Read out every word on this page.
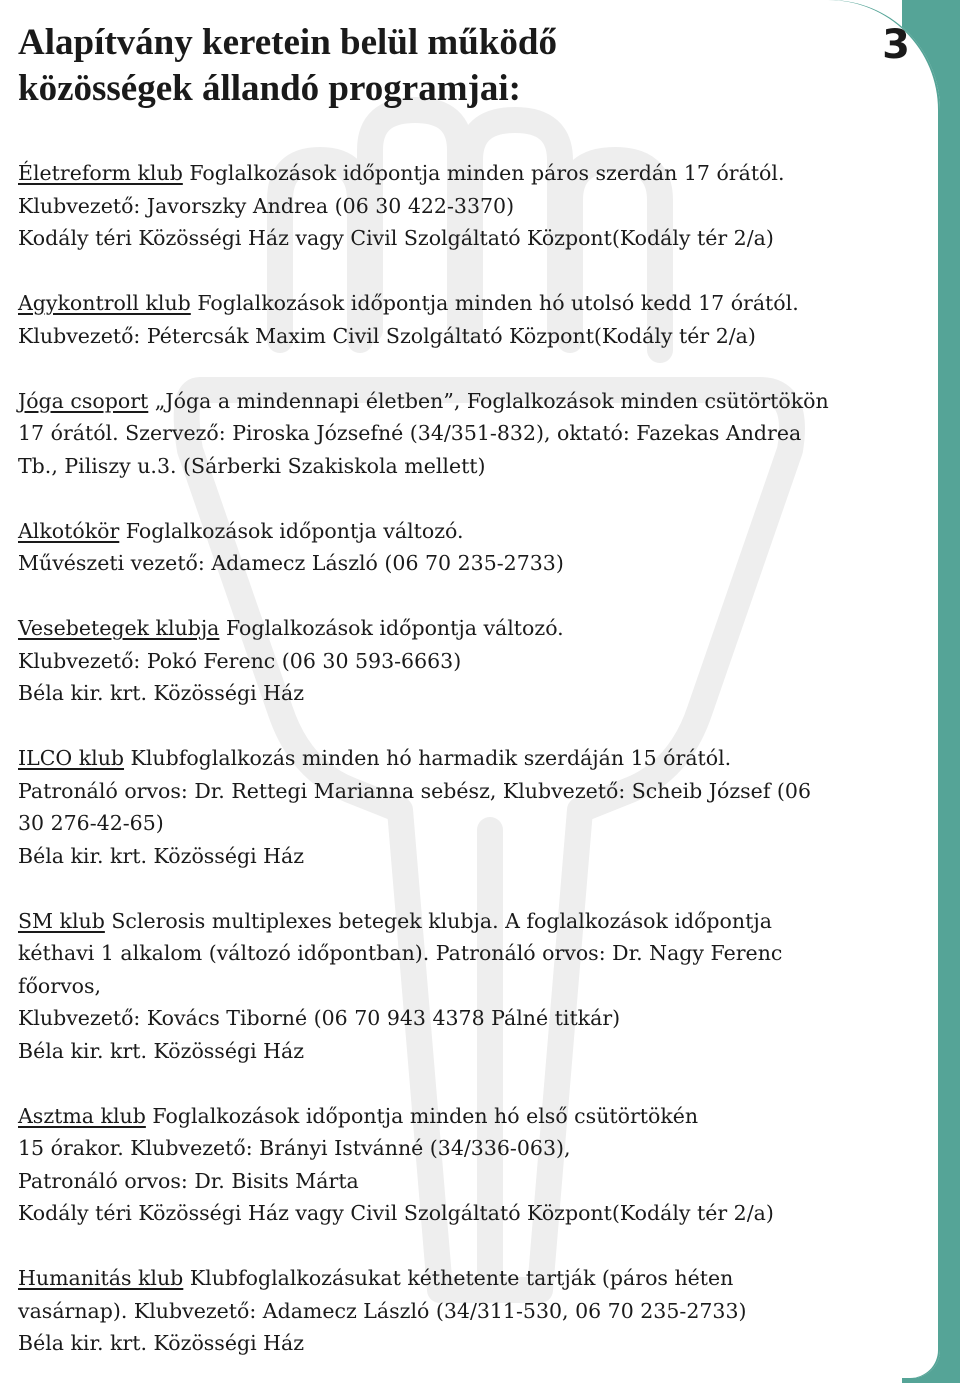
3
Alapítvány keretein belül működő
közösségek állandó programjai:

Életreform klub Foglalkozások időpontja minden páros szerdán 17 órától.

Klubvezető: Javorszky Andrea (06 30 422-3370)

Kodály téri Közösségi Ház vagy Civil Szolgáltató Központ(Kodály tér 2/a)

Agykontroll klub Foglalkozások időpontja minden hó utolsó kedd 17 órától.

Klubvezető: Pétercsák Maxim Civil Szolgáltató Központ(Kodály tér 2/a)

Jóga csoport „Jóga a mindennapi életben”, Foglalkozások minden csütörtökön

17 órától. Szervező: Piroska Józsefné (34/351-832), oktató: Fazekas Andrea

Tb., Piliszy u.3. (Sárberki Szakiskola mellett)

Alkotókör Foglalkozások időpontja változó.

Művészeti vezető: Adamecz László (06 70 235-2733)

Vesebetegek klubja Foglalkozások időpontja változó.

Klubvezető: Pokó Ferenc (06 30 593-6663)

Béla kir. krt. Közösségi Ház

ILCO klub Klubfoglalkozás minden hó harmadik szerdáján 15 órától.

Patronáló orvos: Dr. Rettegi Marianna sebész, Klubvezető: Scheib József (06

30 276-42-65)

Béla kir. krt. Közösségi Ház

SM klub Sclerosis multiplexes betegek klubja. A foglalkozások időpontja

kéthavi 1 alkalom (változó időpontban). Patronáló orvos: Dr. Nagy Ferenc

főorvos,

Klubvezető: Kovács Tiborné (06 70 943 4378 Pálné titkár)

Béla kir. krt. Közösségi Ház

Asztma klub Foglalkozások időpontja minden hó első csütörtökén

15 órakor. Klubvezető: Brányi Istvánné (34/336-063),

Patronáló orvos: Dr. Bisits Márta

Kodály téri Közösségi Ház vagy Civil Szolgáltató Központ(Kodály tér 2/a)

Humanitás klub Klubfoglalkozásukat kéthetente tartják (páros héten

vasárnap). Klubvezető: Adamecz László (34/311-530, 06 70 235-2733)

Béla kir. krt. Közösségi Ház
